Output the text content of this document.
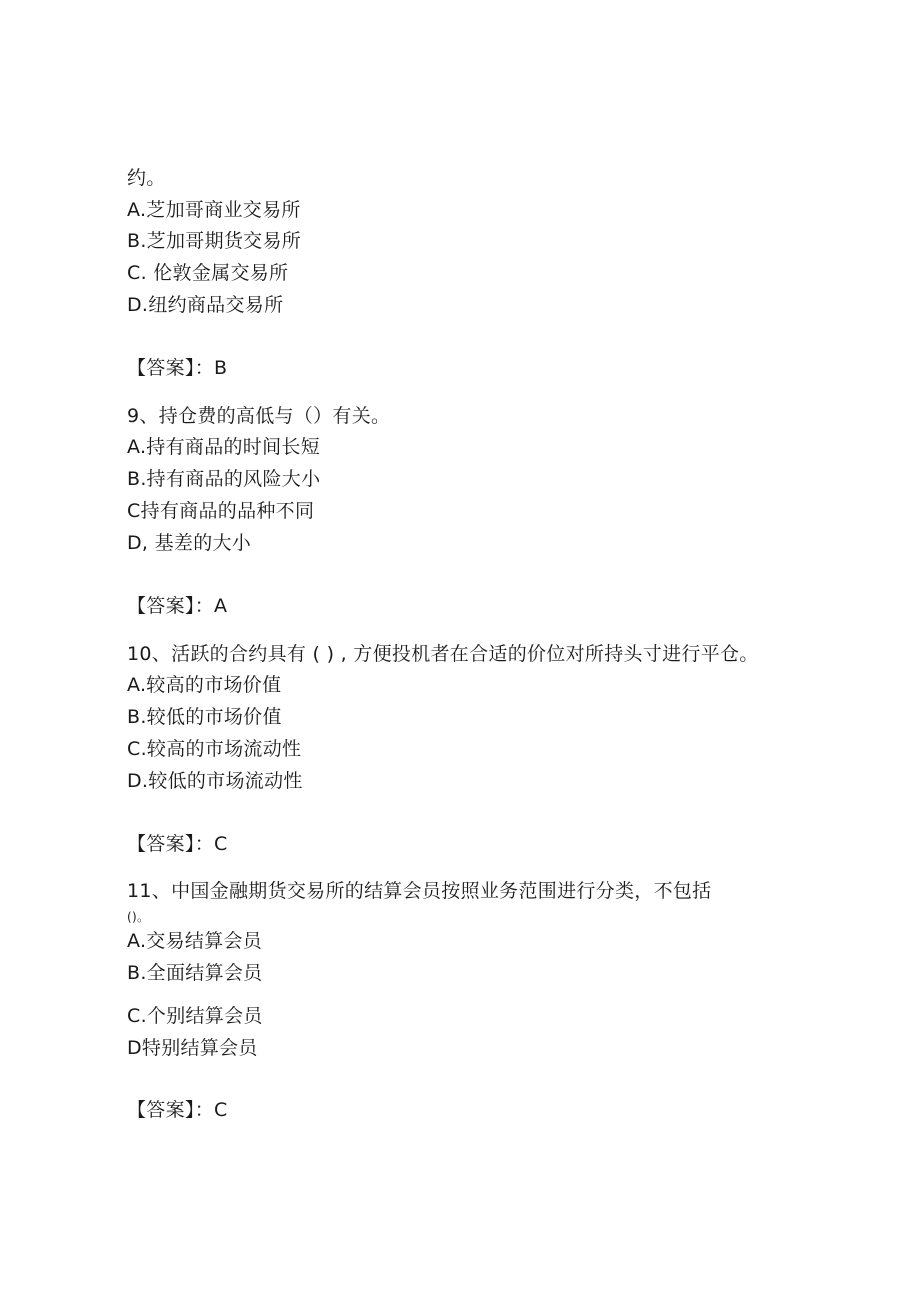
约。
A.芝加哥商业交易所
B.芝加哥期货交易所
C. 伦敦金属交易所
D.纽约商品交易所
【答案】：B
9、持仓费的高低与（）有关。
A.持有商品的时间长短
B.持有商品的风险大小
C持有商品的品种不同
D, 基差的大小
【答案】：A
10、活跃的合约具有 ( ) , 方便投机者在合适的价位对所持头寸进行平仓。
A.较高的市场价值
B.较低的市场价值
C.较高的市场流动性
D.较低的市场流动性
【答案】：C
11、中国金融期货交易所的结算会员按照业务范围进行分类，不包括
()。
A.交易结算会员
B.全面结算会员
C.个别结算会员
D特别结算会员
【答案】：C
